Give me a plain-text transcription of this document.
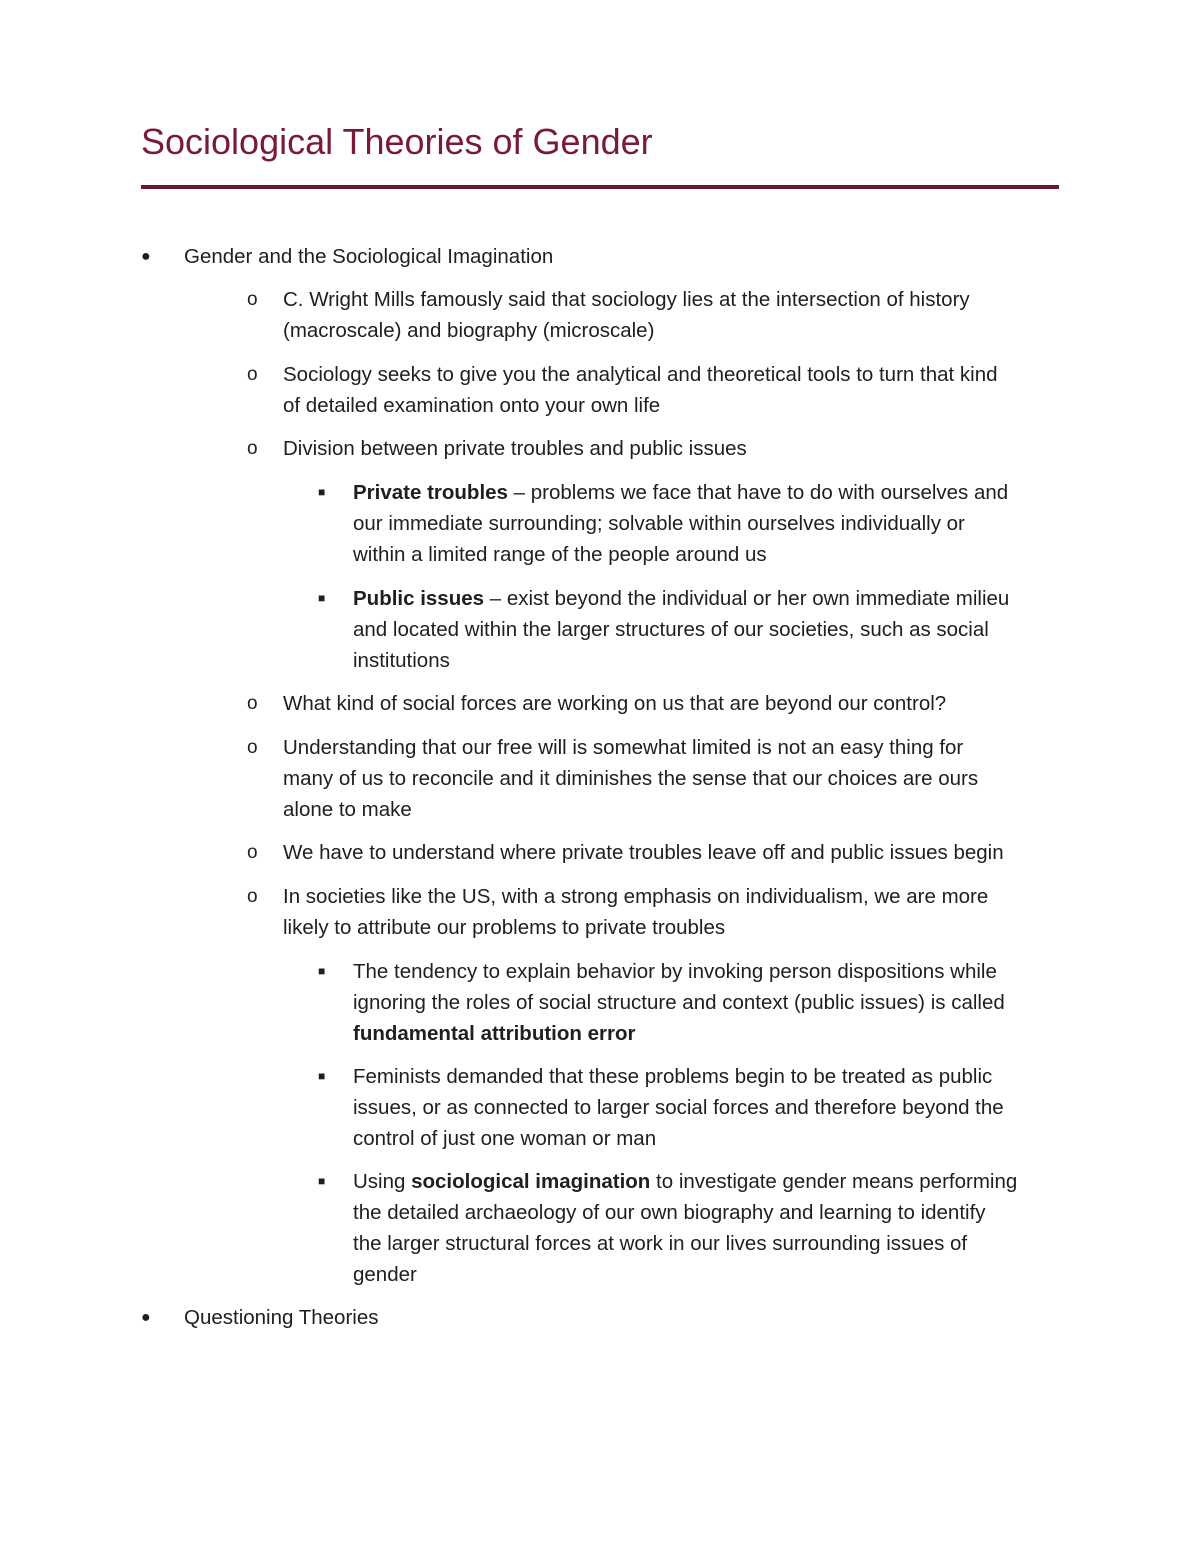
Sociological Theories of Gender
● Gender and the Sociological Imagination
o C. Wright Mills famously said that sociology lies at the intersection of history
(macroscale) and biography (microscale)
o Sociology seeks to give you the analytical and theoretical tools to turn that kind
of detailed examination onto your own life
o Division between private troubles and public issues
■ Private troubles – problems we face that have to do with ourselves and
our immediate surrounding; solvable within ourselves individually or
within a limited range of the people around us
■ Public issues – exist beyond the individual or her own immediate milieu
and located within the larger structures of our societies, such as social
institutions
o What kind of social forces are working on us that are beyond our control?
o Understanding that our free will is somewhat limited is not an easy thing for
many of us to reconcile and it diminishes the sense that our choices are ours
alone to make
o We have to understand where private troubles leave off and public issues begin
o In societies like the US, with a strong emphasis on individualism, we are more
likely to attribute our problems to private troubles
■ The tendency to explain behavior by invoking person dispositions while
ignoring the roles of social structure and context (public issues) is called
fundamental attribution error
■ Feminists demanded that these problems begin to be treated as public
issues, or as connected to larger social forces and therefore beyond the
control of just one woman or man
■ Using sociological imagination to investigate gender means performing
the detailed archaeology of our own biography and learning to identify
the larger structural forces at work in our lives surrounding issues of
gender
● Questioning Theories
